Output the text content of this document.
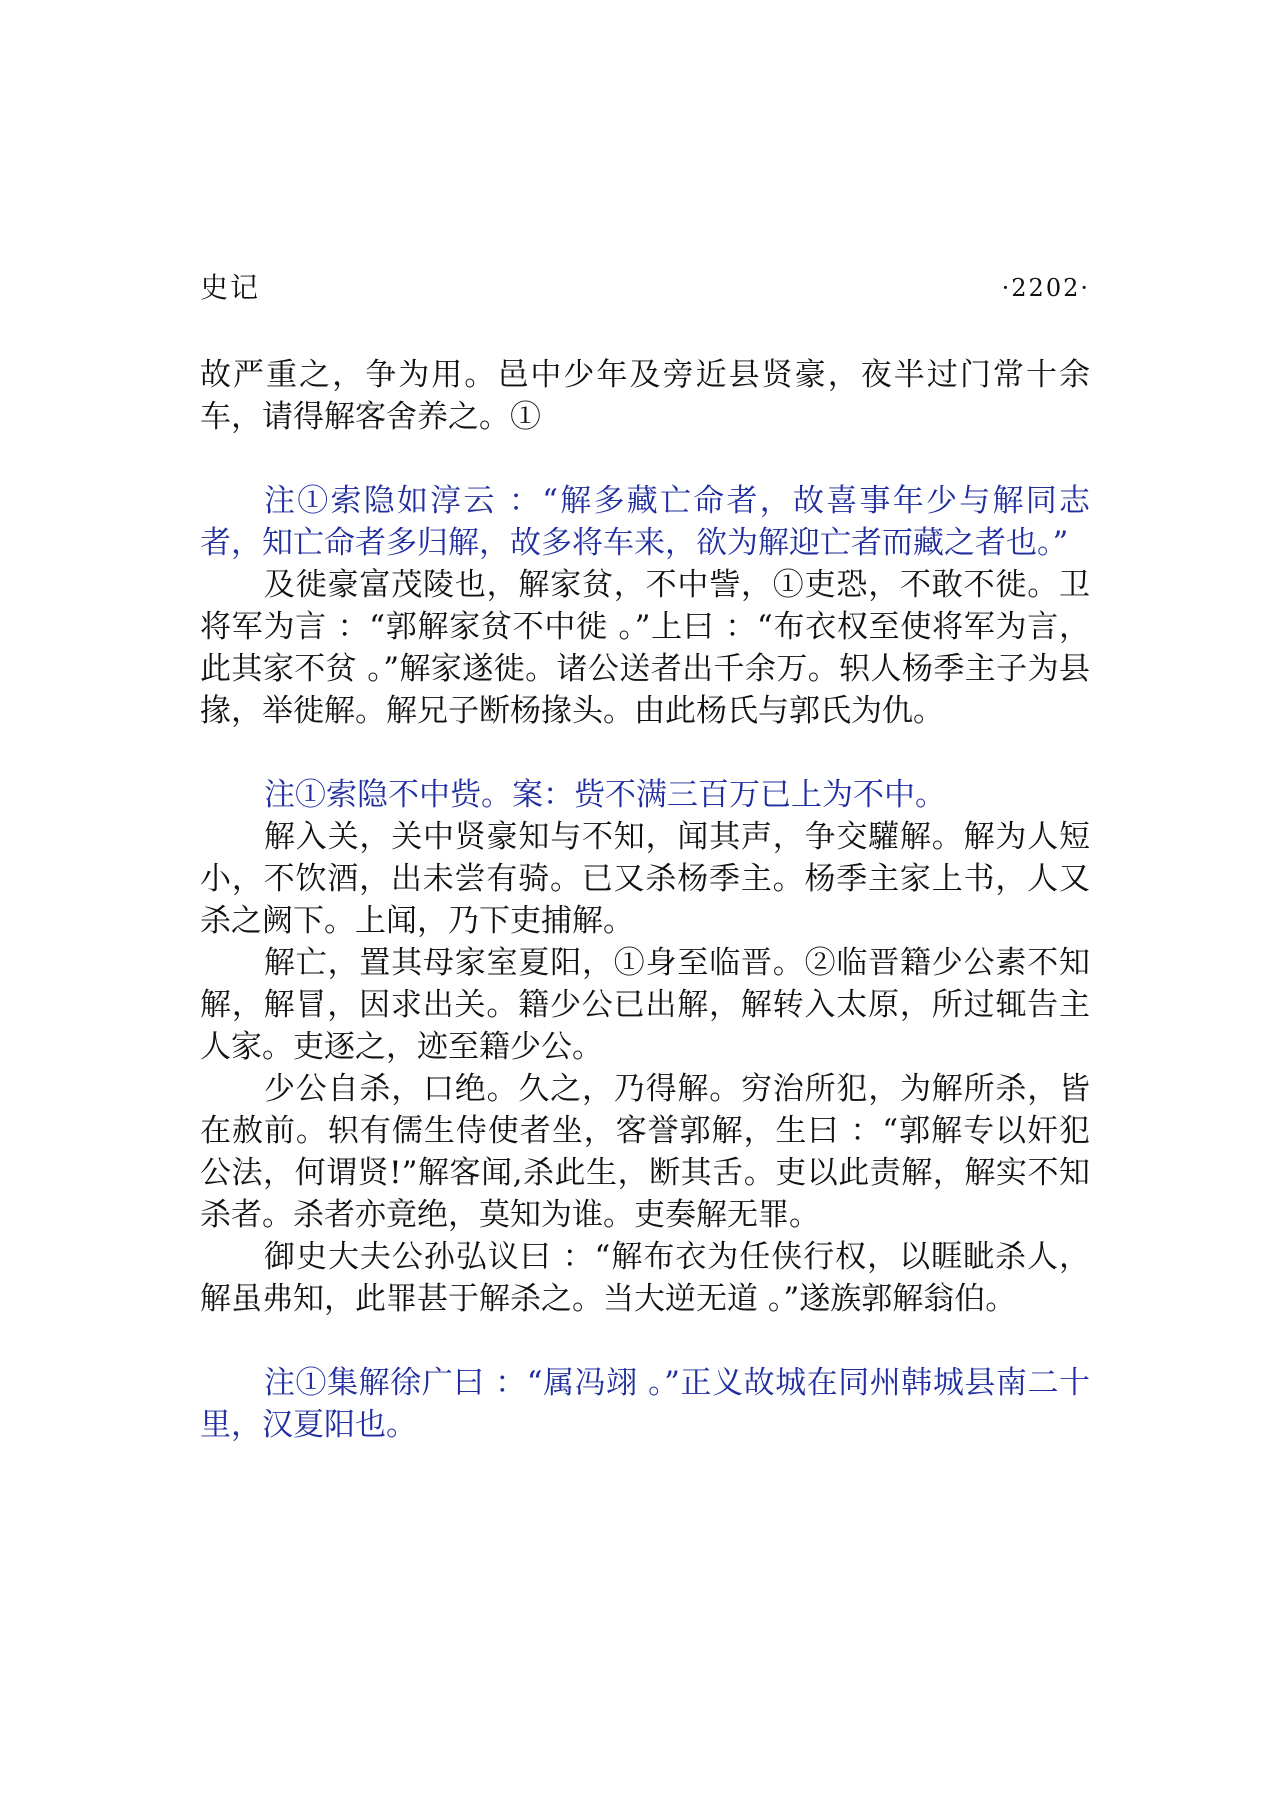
史记	·2202·

故严重之，争为用。邑中少年及旁近县贤豪，夜半过门常十余车，请得解客舍养之。①

注①索隐如淳云 ：“解多藏亡命者，故喜事年少与解同志者，知亡命者多归解，故多将车来，欲为解迎亡者而藏之者也。”

及徙豪富茂陵也，解家贫，不中訾，①吏恐，不敢不徙。卫将军为言 ：“郭解家贫不中徙 。”上曰 ：“布衣权至使将军为言，此其家不贫 。”解家遂徙。诸公送者出千余万。轵人杨季主子为县掾，举徙解。解兄子断杨掾头。由此杨氏与郭氏为仇。

注①索隐不中赀。案：赀不满三百万已上为不中。

解入关，关中贤豪知与不知，闻其声，争交驩解。解为人短小，不饮酒，出未尝有骑。已又杀杨季主。杨季主家上书，人又杀之阙下。上闻，乃下吏捕解。

解亡，置其母家室夏阳，①身至临晋。②临晋籍少公素不知解，解冒，因求出关。籍少公已出解，解转入太原，所过辄告主人家。吏逐之，迹至籍少公。

少公自杀，口绝。久之，乃得解。穷治所犯，为解所杀，皆在赦前。轵有儒生侍使者坐，客誉郭解，生曰 ：“郭解专以奸犯公法，何谓贤!”解客闻,杀此生，断其舌。吏以此责解，解实不知杀者。杀者亦竟绝，莫知为谁。吏奏解无罪。

御史大夫公孙弘议曰 ：“解布衣为任侠行权，以睚眦杀人，解虽弗知，此罪甚于解杀之。当大逆无道 。”遂族郭解翁伯。

注①集解徐广曰 ：“属冯翊 。”正义故城在同州韩城县南二十里，汉夏阳也。
